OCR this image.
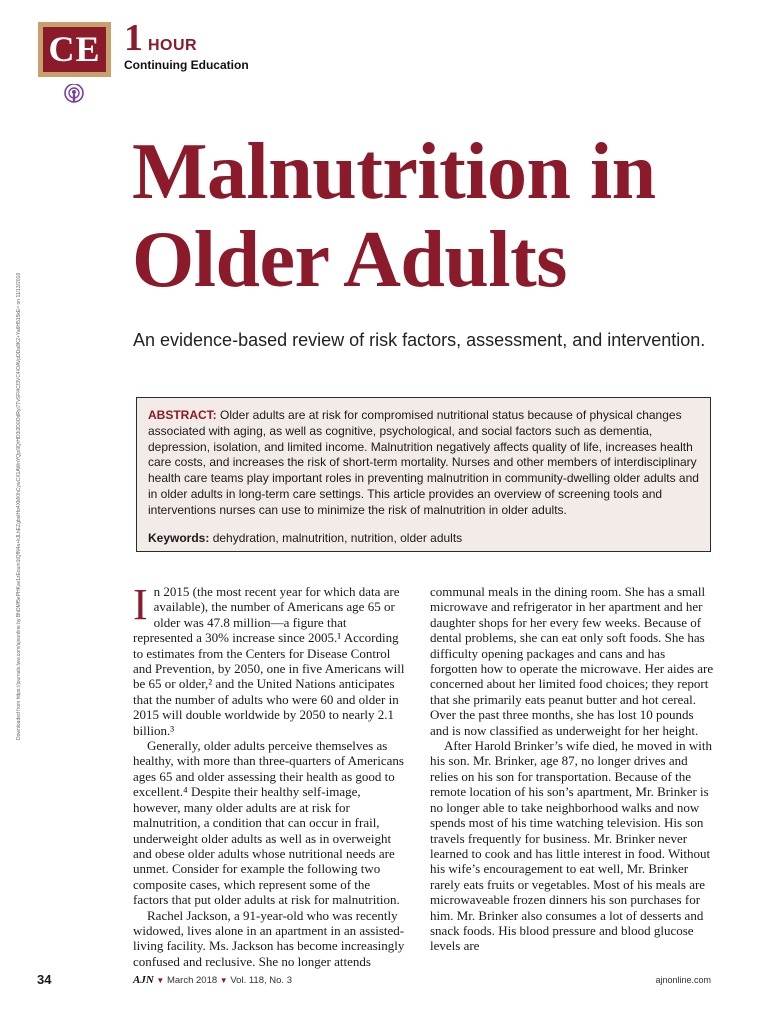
CE 1 HOUR
Continuing Education
Malnutrition in
Older Adults
An evidence-based review of risk factors, assessment, and intervention.
ABSTRACT: Older adults are at risk for compromised nutritional status because of physical changes associated with aging, as well as cognitive, psychological, and social factors such as dementia, depression, isolation, and limited income. Malnutrition negatively affects quality of life, increases health care costs, and increases the risk of short-term mortality. Nurses and other members of interdisciplinary health care teams play important roles in preventing malnutrition in community-dwelling older adults and in older adults in long-term care settings. This article provides an overview of screening tools and interventions nurses can use to minimize the risk of malnutrition in older adults.
Keywords: dehydration, malnutrition, nutrition, older adults
Downloaded from https://journals.lww.com/ajnonline by BhDMf5ePHKav1zEoum1tQfN4a+kJLhEZgbsIHo4XMi0hCywCX1AWnYQp/IlQrHD3i3D0OdRyi7TvSFl4Cf3VC4/OAVpDDa8K2+Ya6H515kE= on 11/13/2018	In 2015 (the most recent year for which data are available), the number of Americans age 65 or older was 47.8 million—a figure that represented a 30% increase since 2005.¹ According to estimates from the Centers for Disease Control and Prevention, by 2050, one in five Americans will be 65 or older,² and the United Nations anticipates that the number of adults who were 60 and older in 2015 will double worldwide by 2050 to nearly 2.1 billion.³

Generally, older adults perceive themselves as healthy, with more than three-quarters of Americans ages 65 and older assessing their health as good to excellent.⁴ Despite their healthy self-image, however, many older adults are at risk for malnutrition, a condition that can occur in frail, underweight older adults as well as in overweight and obese older adults whose nutritional needs are unmet. Consider for example the following two composite cases, which represent some of the factors that put older adults at risk for malnutrition.

Rachel Jackson, a 91-year-old who was recently widowed, lives alone in an apartment in an assisted-living facility. Ms. Jackson has become increasingly confused and reclusive. She no longer attends

communal meals in the dining room. She has a small microwave and refrigerator in her apartment and her daughter shops for her every few weeks. Because of dental problems, she can eat only soft foods. She has difficulty opening packages and cans and has forgotten how to operate the microwave. Her aides are concerned about her limited food choices; they report that she primarily eats peanut butter and hot cereal. Over the past three months, she has lost 10 pounds and is now classified as underweight for her height.

After Harold Brinker’s wife died, he moved in with his son. Mr. Brinker, age 87, no longer drives and relies on his son for transportation. Because of the remote location of his son’s apartment, Mr. Brinker is no longer able to take neighborhood walks and now spends most of his time watching television. His son travels frequently for business. Mr. Brinker never learned to cook and has little interest in food. Without his wife’s encouragement to eat well, Mr. Brinker rarely eats fruits or vegetables. Most of his meals are microwaveable frozen dinners his son purchases for him. Mr. Brinker also consumes a lot of desserts and snack foods. His blood pressure and blood glucose levels are

34	AJN ▼ March 2018 ▼ Vol. 118, No. 3	ajnonline.com
